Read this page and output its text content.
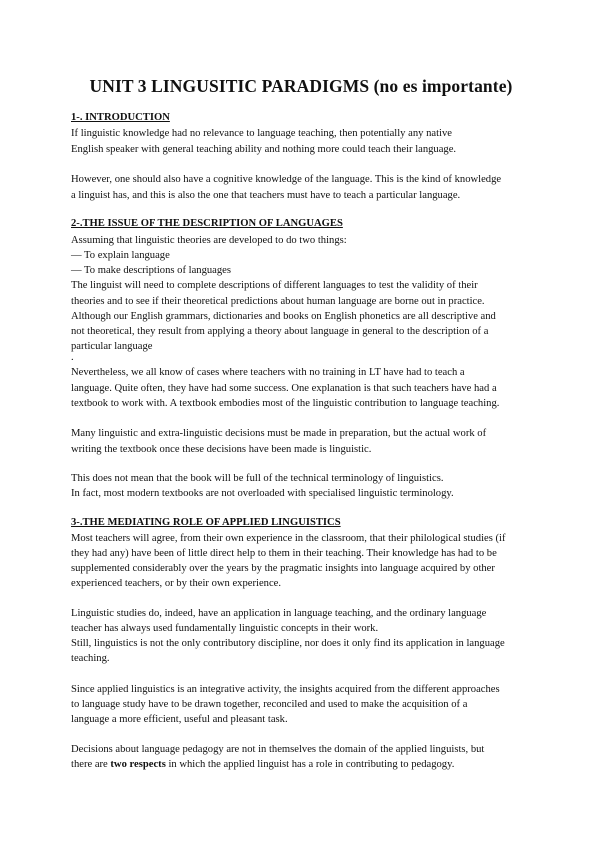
UNIT 3 LINGUSITIC PARADIGMS (no es importante)
1-. INTRODUCTION
If linguistic knowledge had no relevance to language teaching, then potentially any native
English speaker with general teaching ability and nothing more could teach their language.
However, one should also have a cognitive knowledge of the language. This is the kind of knowledge
a linguist has, and this is also the one that teachers must have to teach a particular language.
2-.THE ISSUE OF THE DESCRIPTION OF LANGUAGES
Assuming that linguistic theories are developed to do two things:
— To explain language
— To make descriptions of languages
The linguist will need to complete descriptions of different languages to test the validity of their
theories and to see if their theoretical predictions about human language are borne out in practice.
Although our English grammars, dictionaries and books on English phonetics are all descriptive and
not theoretical, they result from applying a theory about language in general to the description of a
particular language
.
Nevertheless, we all know of cases where teachers with no training in LT have had to teach a
language. Quite often, they have had some success. One explanation is that such teachers have had a
textbook to work with. A textbook embodies most of the linguistic contribution to language teaching.
Many linguistic and extra-linguistic decisions must be made in preparation, but the actual work of
writing the textbook once these decisions have been made is linguistic.
This does not mean that the book will be full of the technical terminology of linguistics.
In fact, most modern textbooks are not overloaded with specialised linguistic terminology.
3-.THE MEDIATING ROLE OF APPLIED LINGUISTICS
Most teachers will agree, from their own experience in the classroom, that their philological studies (if
they had any) have been of little direct help to them in their teaching. Their knowledge has had to be
supplemented considerably over the years by the pragmatic insights into language acquired by other
experienced teachers, or by their own experience.
Linguistic studies do, indeed, have an application in language teaching, and the ordinary language
teacher has always used fundamentally linguistic concepts in their work.
Still, linguistics is not the only contributory discipline, nor does it only find its application in language
teaching.
Since applied linguistics is an integrative activity, the insights acquired from the different approaches
to language study have to be drawn together, reconciled and used to make the acquisition of a
language a more efficient, useful and pleasant task.
Decisions about language pedagogy are not in themselves the domain of the applied linguists, but
there are two respects in which the applied linguist has a role in contributing to pedagogy.
